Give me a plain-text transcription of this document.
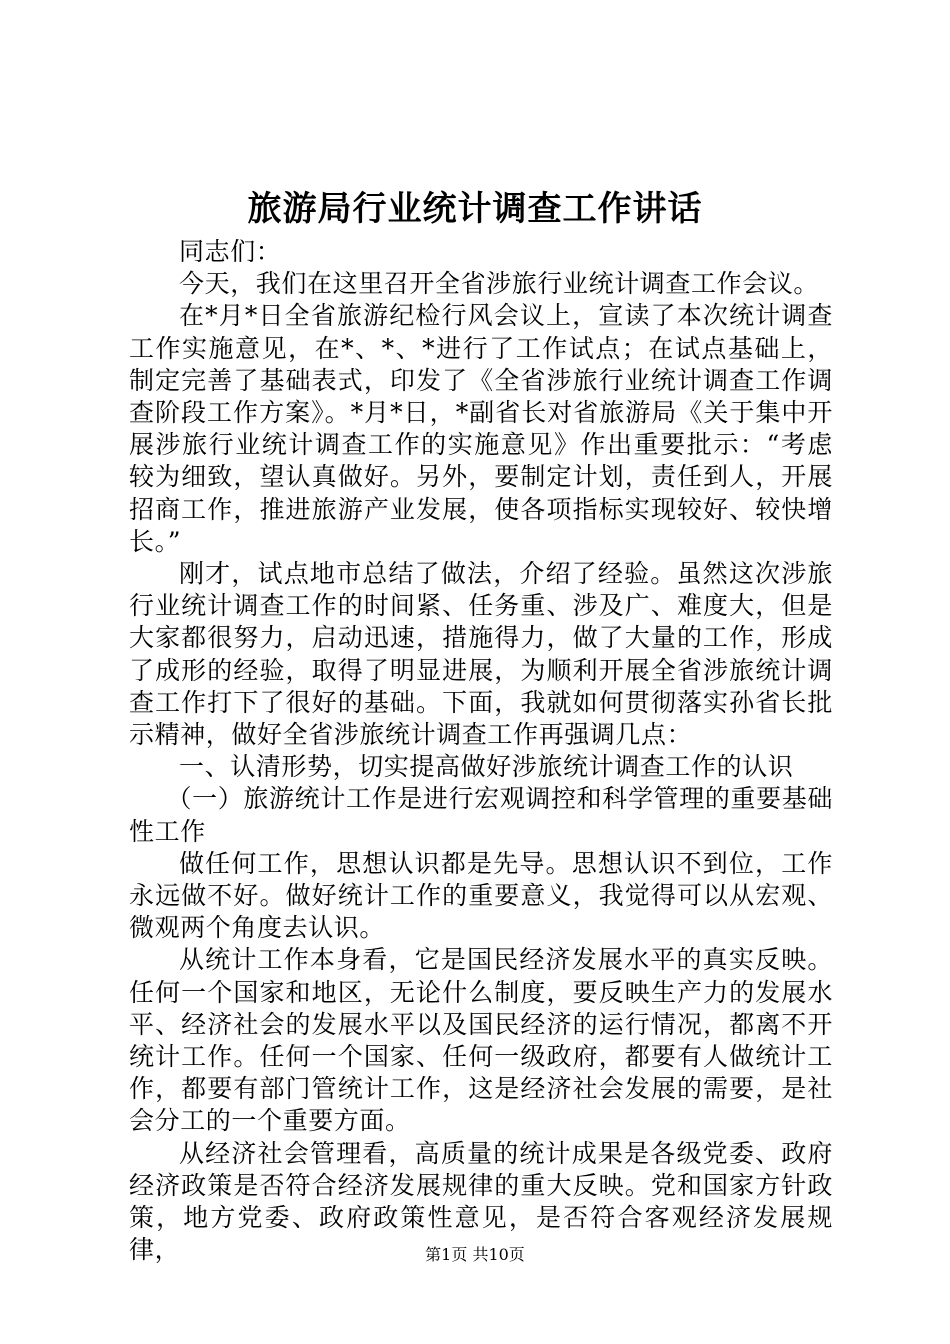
旅游局行业统计调查工作讲话

同志们：

今天，我们在这里召开全省涉旅行业统计调查工作会议。

在*月*日全省旅游纪检行风会议上，宣读了本次统计调查工作实施意见，在*、*、*进行了工作试点；在试点基础上，制定完善了基础表式，印发了《全省涉旅行业统计调查工作调查阶段工作方案》。*月*日，*副省长对省旅游局《关于集中开展涉旅行业统计调查工作的实施意见》作出重要批示：“考虑较为细致，望认真做好。另外，要制定计划，责任到人，开展招商工作，推进旅游产业发展，使各项指标实现较好、较快增长。”

刚才，试点地市总结了做法，介绍了经验。虽然这次涉旅行业统计调查工作的时间紧、任务重、涉及广、难度大，但是大家都很努力，启动迅速，措施得力，做了大量的工作，形成了成形的经验，取得了明显进展，为顺利开展全省涉旅统计调查工作打下了很好的基础。下面，我就如何贯彻落实孙省长批示精神，做好全省涉旅统计调查工作再强调几点：

一、认清形势，切实提高做好涉旅统计调查工作的认识

（一）旅游统计工作是进行宏观调控和科学管理的重要基础性工作

做任何工作，思想认识都是先导。思想认识不到位，工作永远做不好。做好统计工作的重要意义，我觉得可以从宏观、微观两个角度去认识。

从统计工作本身看，它是国民经济发展水平的真实反映。任何一个国家和地区，无论什么制度，要反映生产力的发展水平、经济社会的发展水平以及国民经济的运行情况，都离不开统计工作。任何一个国家、任何一级政府，都要有人做统计工作，都要有部门管统计工作，这是经济社会发展的需要，是社会分工的一个重要方面。

从经济社会管理看，高质量的统计成果是各级党委、政府经济政策是否符合经济发展规律的重大反映。党和国家方针政策，地方党委、政府政策性意见，是否符合客观经济发展规律，	第1页 共10页
